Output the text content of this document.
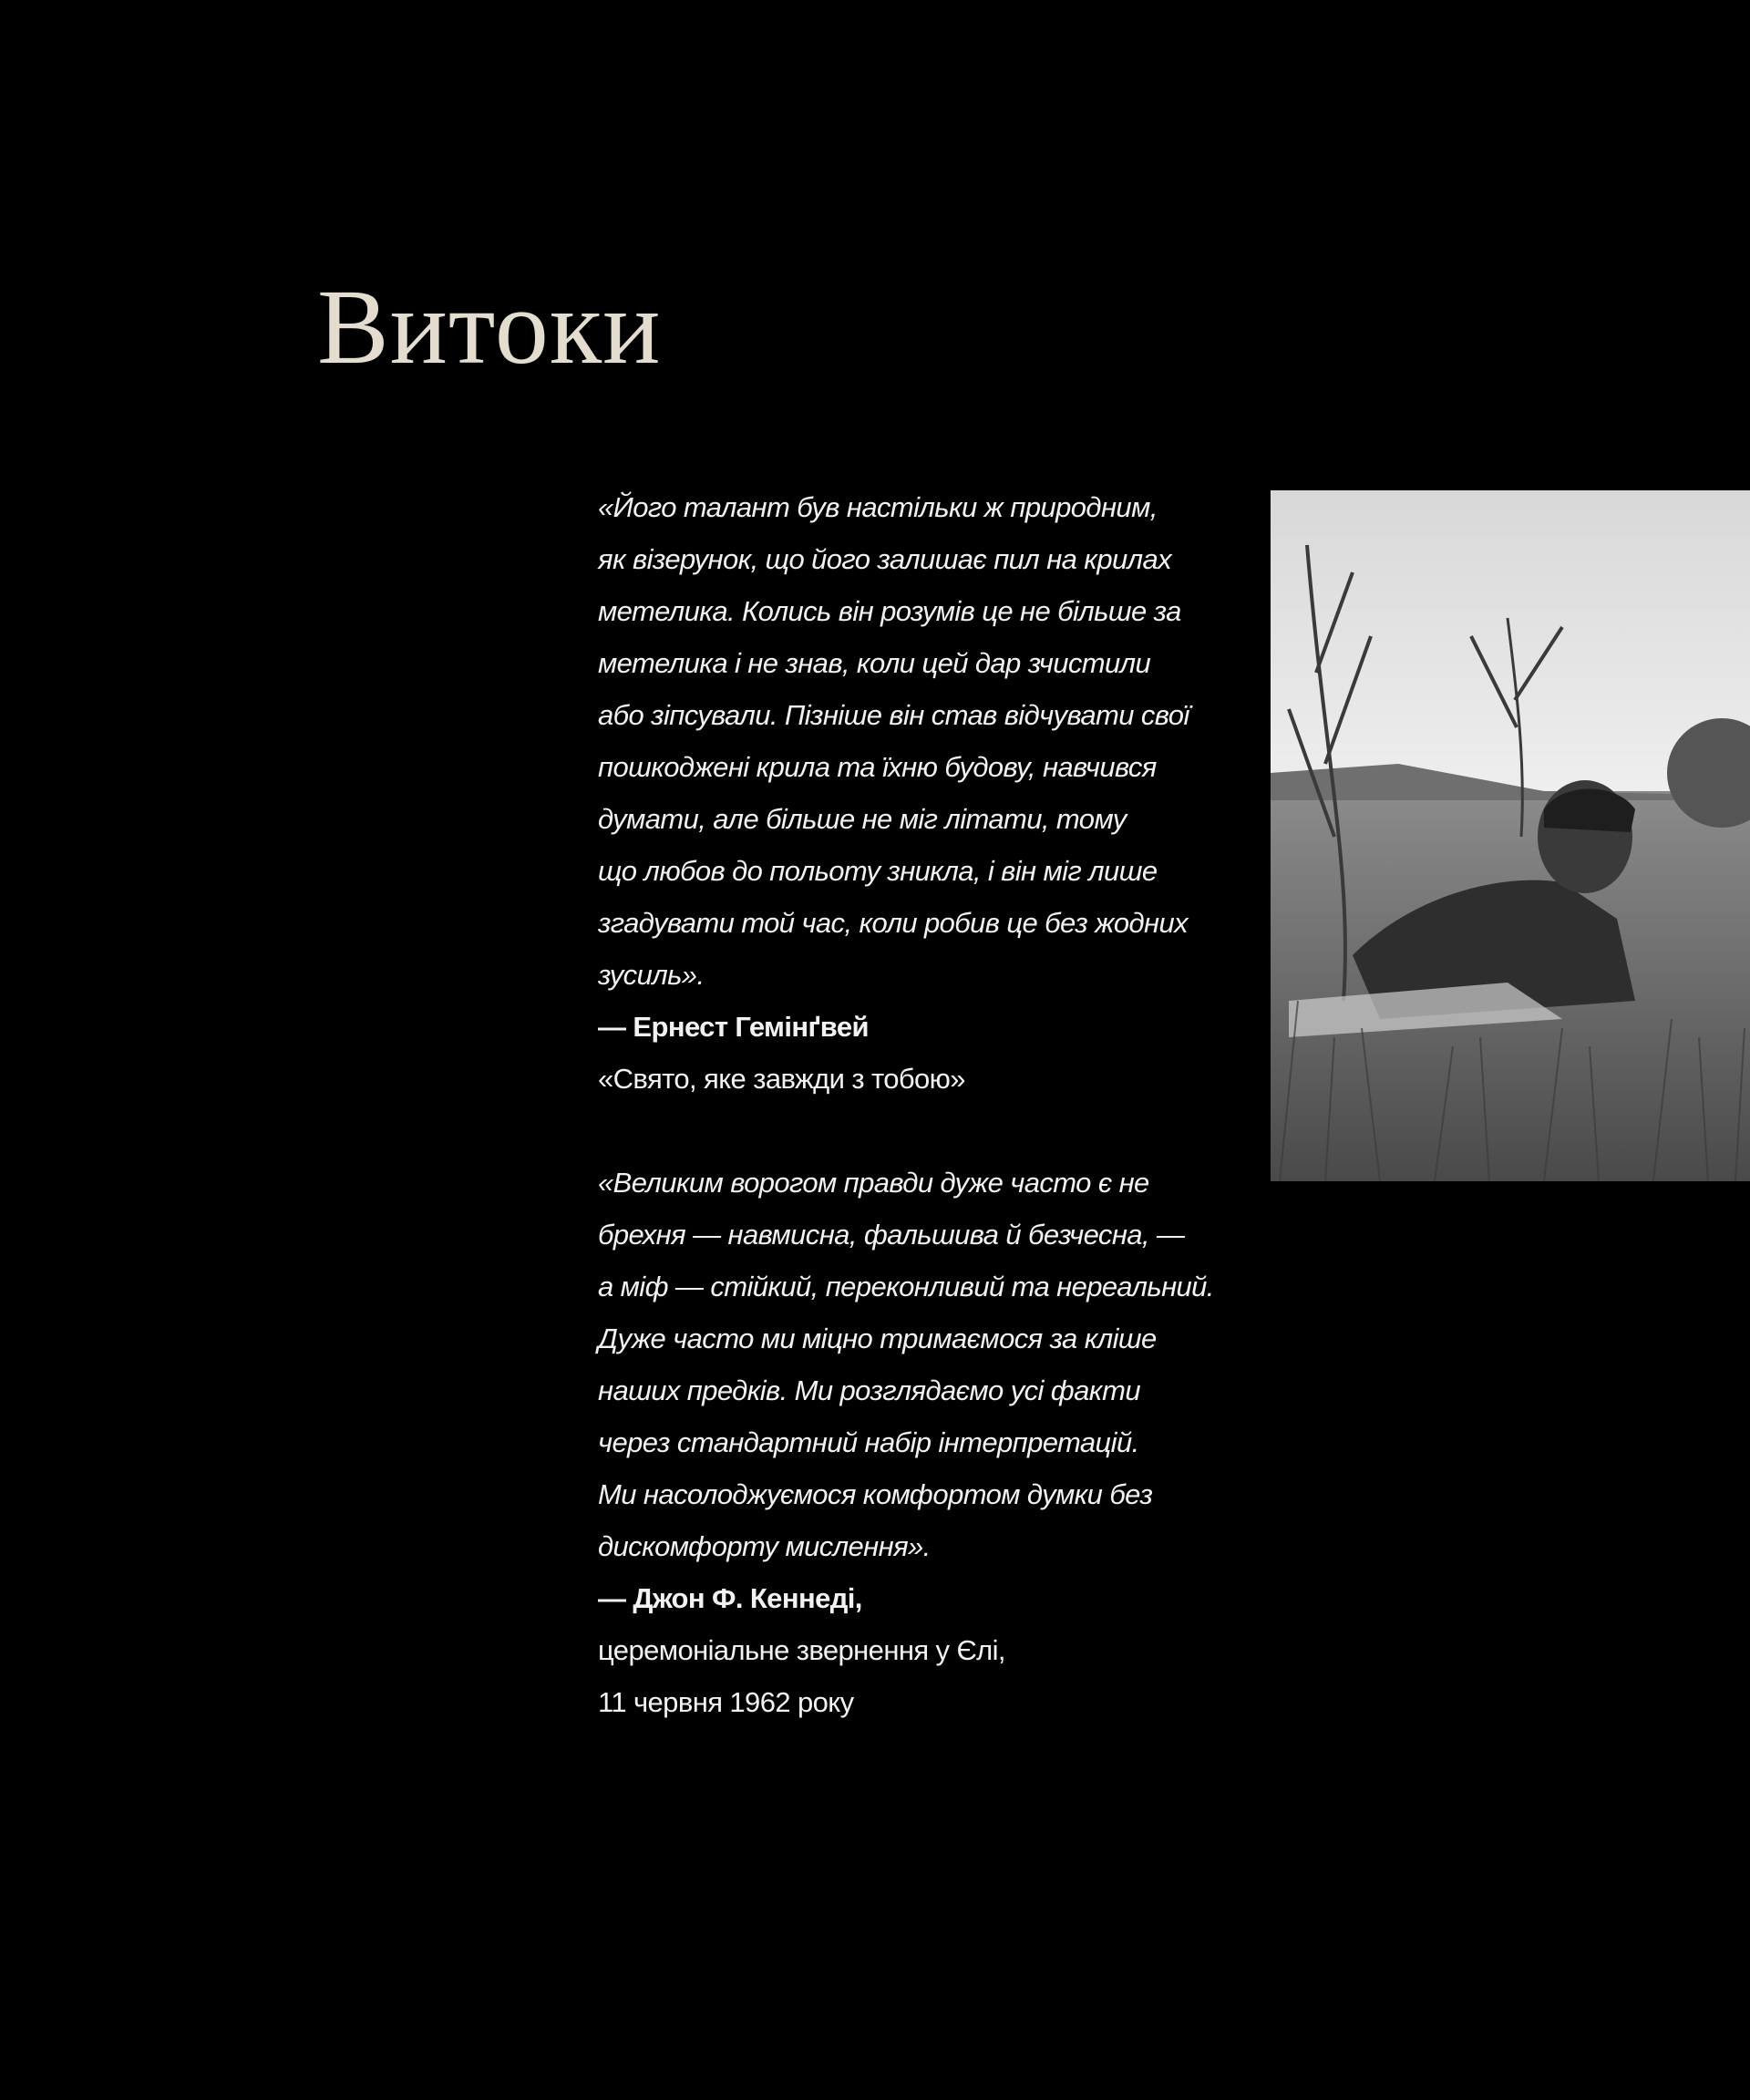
Витоки
«Його талант був настільки ж природним,
як візерунок, що його залишає пил на крилах
метелика. Колись він розумів це не більше за
метелика і не знав, коли цей дар зчистили
або зіпсували. Пізніше він став відчувати свої
пошкоджені крила та їхню будову, навчився
думати, але більше не міг літати, тому
що любов до польоту зникла, і він міг лише
згадувати той час, коли робив це без жодних
зусиль».
— Ернест Гемінґвей
«Свято, яке завжди з тобою»
«Великим ворогом правди дуже часто є не
брехня — навмисна, фальшива й безчесна, —
а міф — стійкий, переконливий та нереальний.
Дуже часто ми міцно тримаємося за кліше
наших предків. Ми розглядаємо усі факти
через стандартний набір інтерпретацій.
Ми насолоджуємося комфортом думки без
дискомфорту мислення».
— Джон Ф. Кеннеді,
церемоніальне звернення у Єлі,
11 червня 1962 року
